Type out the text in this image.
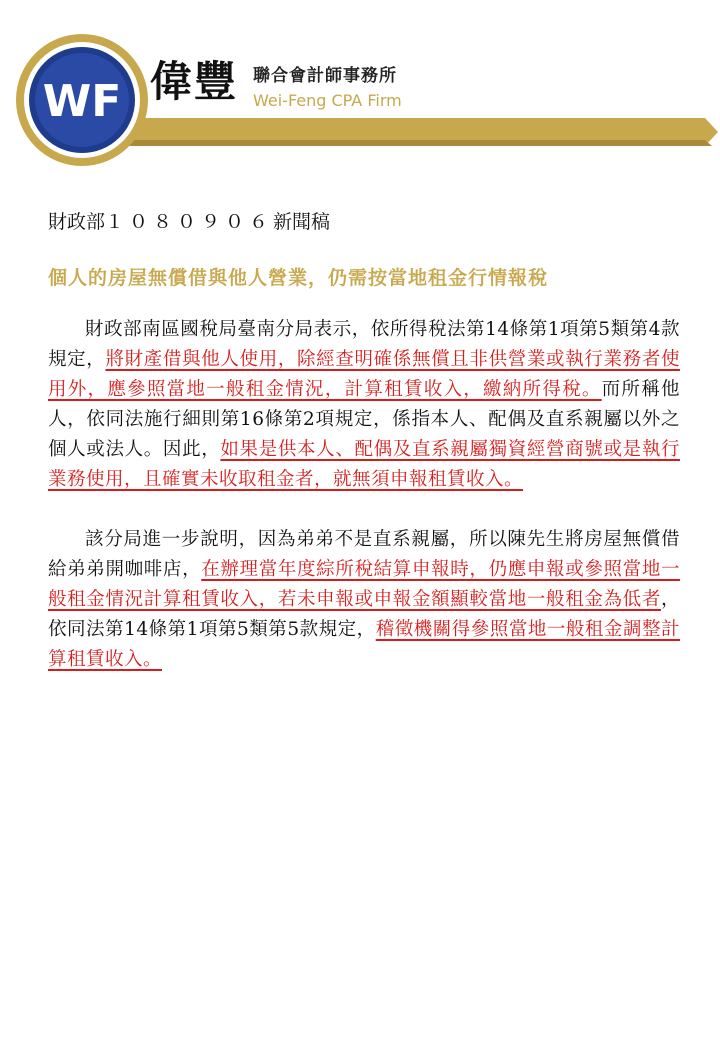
WF 偉豐 聯合會計師事務所
Wei-Feng CPA Firm
財政部１０８０９０６新聞稿
個人的房屋無償借與他人營業，仍需按當地租金行情報稅

財政部南區國稅局臺南分局表示，依所得稅法第14條第1項第5類第4款規定，將財產借與他人使用，除經查明確係無償且非供營業或執行業務者使用外，應參照當地一般租金情況，計算租賃收入，繳納所得稅。而所稱他人，依同法施行細則第16條第2項規定，係指本人、配偶及直系親屬以外之個人或法人。因此，如果是供本人、配偶及直系親屬獨資經營商號或是執行業務使用，且確實未收取租金者，就無須申報租賃收入。

該分局進一步說明，因為弟弟不是直系親屬，所以陳先生將房屋無償借給弟弟開咖啡店，在辦理當年度綜所稅結算申報時，仍應申報或參照當地一般租金情況計算租賃收入，若未申報或申報金額顯較當地一般租金為低者，依同法第14條第1項第5類第5款規定，稽徵機關得參照當地一般租金調整計算租賃收入。
